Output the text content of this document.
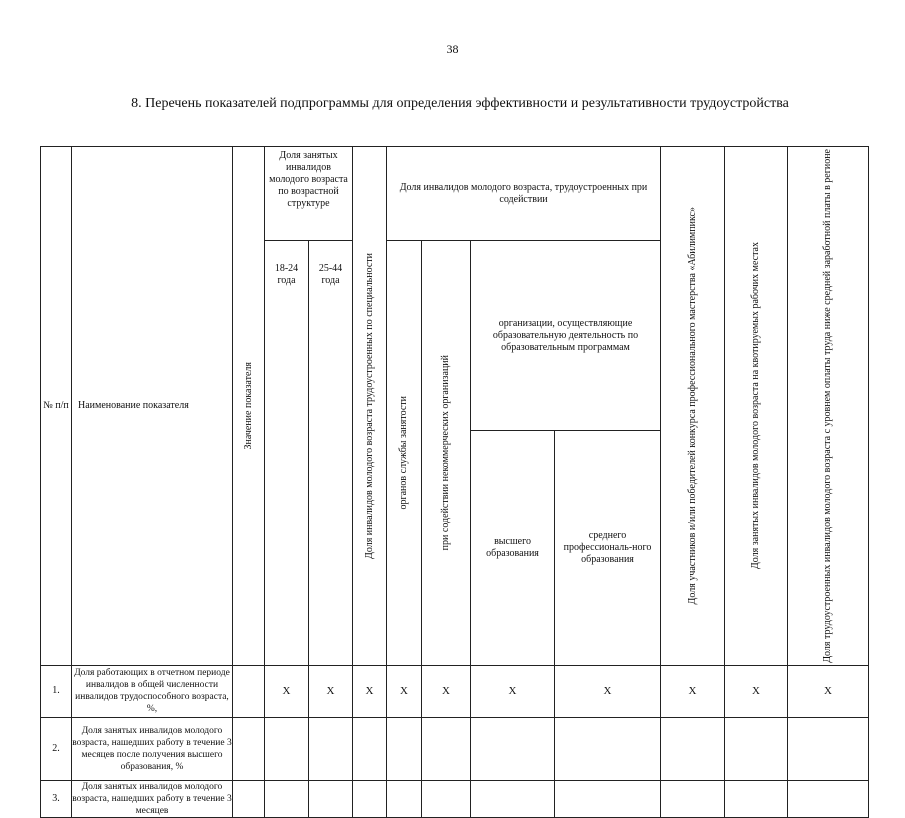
38
8. Перечень показателей подпрограммы для определения эффективности и результативности трудоустройства
№ п/п	Наименование показателя	Значение показателя	Доля занятых инвалидов молодого возраста по возрастной структуре		Доля инвалидов молодого возраста трудоустроенных по специальности	Доля инвалидов молодого возраста, трудоустроенных при содействии				Доля участников и/или победителей конкурса профессионального мастерства «Абилимпикс»	Доля занятых инвалидов молодого возраста на квотируемых рабочих местах	Доля трудоустроенных инвалидов молодого возраста с уровнем оплаты труда ниже средней заработной платы в регионе

			18-24 года	25-44 года		органов службы занятости	при содействии некоммерческих организаций	организации, осуществляющие образовательную деятельность по образовательным программам				
								высшего образования	среднего профессиональ-ного образования			

1.	Доля работающих в отчетном периоде инвалидов в общей численности инвалидов трудоспособного возраста, %,		X	X	X	X	X	X	X	X	X	X
2.	Доля занятых инвалидов молодого возраста, нашедших работу в течение 3 месяцев после получения высшего образования, %											
3.	Доля занятых инвалидов молодого возраста, нашедших работу в течение 3 месяцев											
